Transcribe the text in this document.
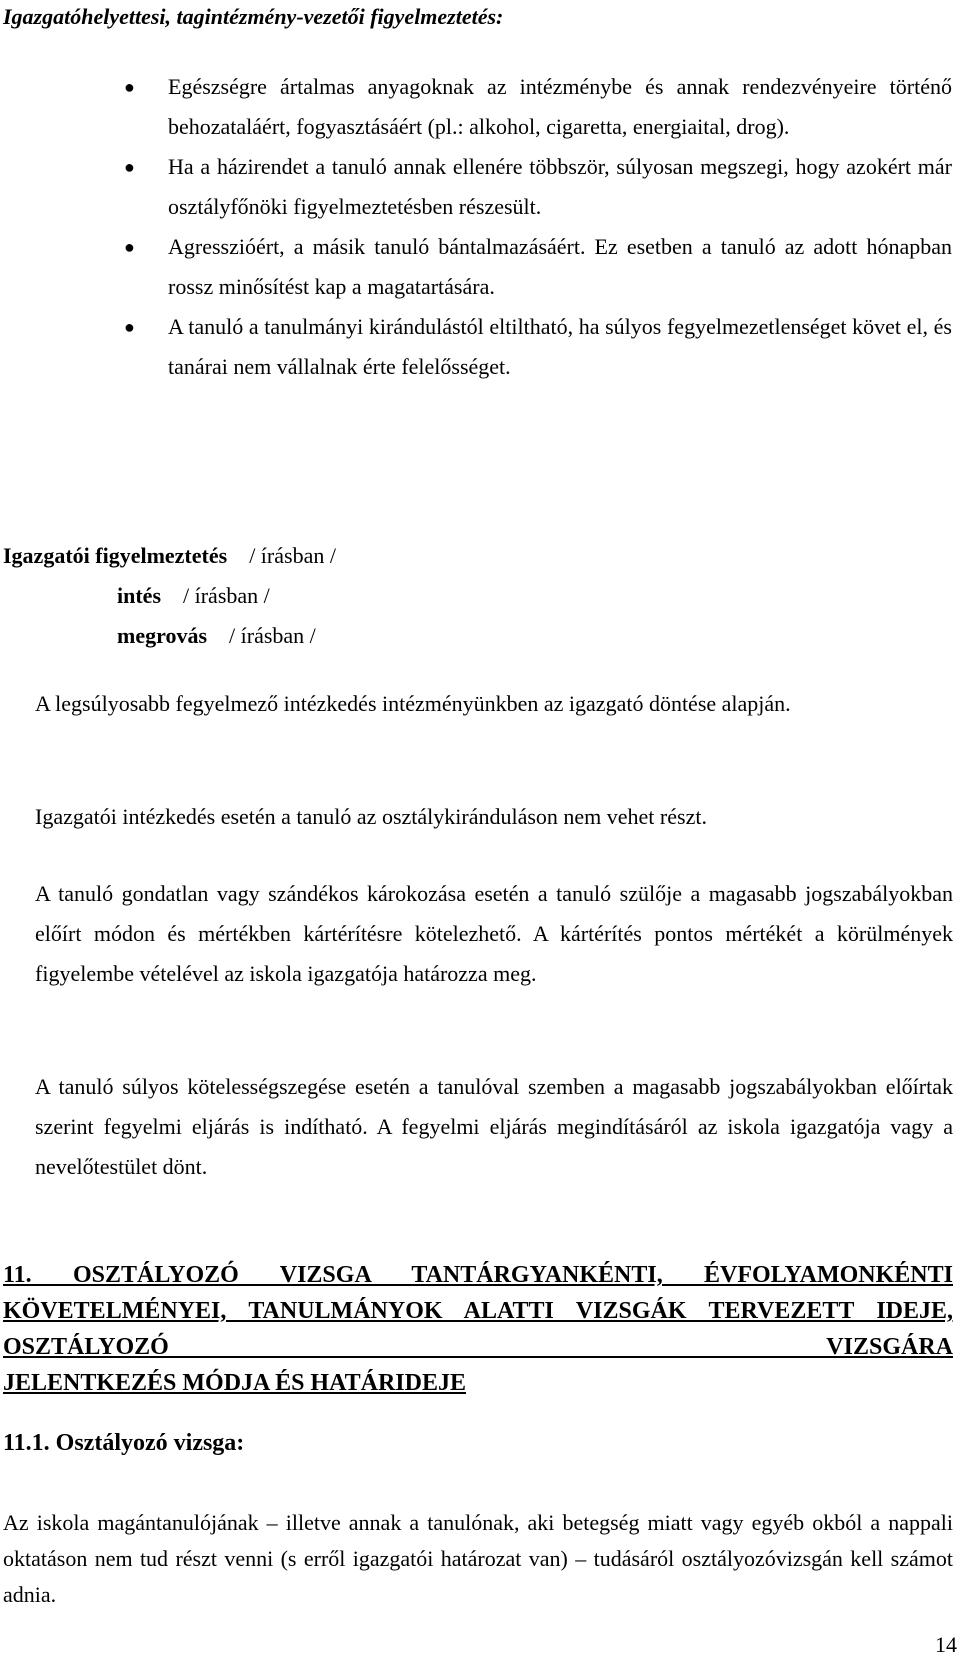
Igazgatóhelyettesi, tagintézmény-vezetői figyelmeztetés:
● Egészségre ártalmas anyagoknak az intézménybe és annak rendezvényeire történő behozataláért, fogyasztásáért (pl.: alkohol, cigaretta, energiaital, drog).
● Ha a házirendet a tanuló annak ellenére többször, súlyosan megszegi, hogy azokért már osztályfőnöki figyelmeztetésben részesült.
● Agresszióért, a másik tanuló bántalmazásáért. Ez esetben a tanuló az adott hónapban rossz minősítést kap a magatartására.
● A tanuló a tanulmányi kirándulástól eltiltható, ha súlyos fegyelmezetlenséget követ el, és tanárai nem vállalnak érte felelősséget.
Igazgatói figyelmeztetés / írásban /
intés / írásban /
megrovás / írásban /
A legsúlyosabb fegyelmező intézkedés intézményünkben az igazgató döntése alapján.
Igazgatói intézkedés esetén a tanuló az osztálykiránduláson nem vehet részt.
A tanuló gondatlan vagy szándékos károkozása esetén a tanuló szülője a magasabb jogszabályokban előírt módon és mértékben kártérítésre kötelezhető. A kártérítés pontos mértékét a körülmények figyelembe vételével az iskola igazgatója határozza meg.
A tanuló súlyos kötelességszegése esetén a tanulóval szemben a magasabb jogszabályokban előírtak szerint fegyelmi eljárás is indítható. A fegyelmi eljárás megindításáról az iskola igazgatója vagy a nevelőtestület dönt.
11. OSZTÁLYOZÓ VIZSGA TANTÁRGYANKÉNTI, ÉVFOLYAMONKÉNTI KÖVETELMÉNYEI, TANULMÁNYOK ALATTI VIZSGÁK TERVEZETT IDEJE, OSZTÁLYOZÓ VIZSGÁRA
JELENTKEZÉS MÓDJA ÉS HATÁRIDEJE
11.1. Osztályozó vizsga:
Az iskola magántanulójának – illetve annak a tanulónak, aki betegség miatt vagy egyéb okból a nappali oktatáson nem tud részt venni (s erről igazgatói határozat van) – tudásáról osztályozóvizsgán kell számot adnia.
14
